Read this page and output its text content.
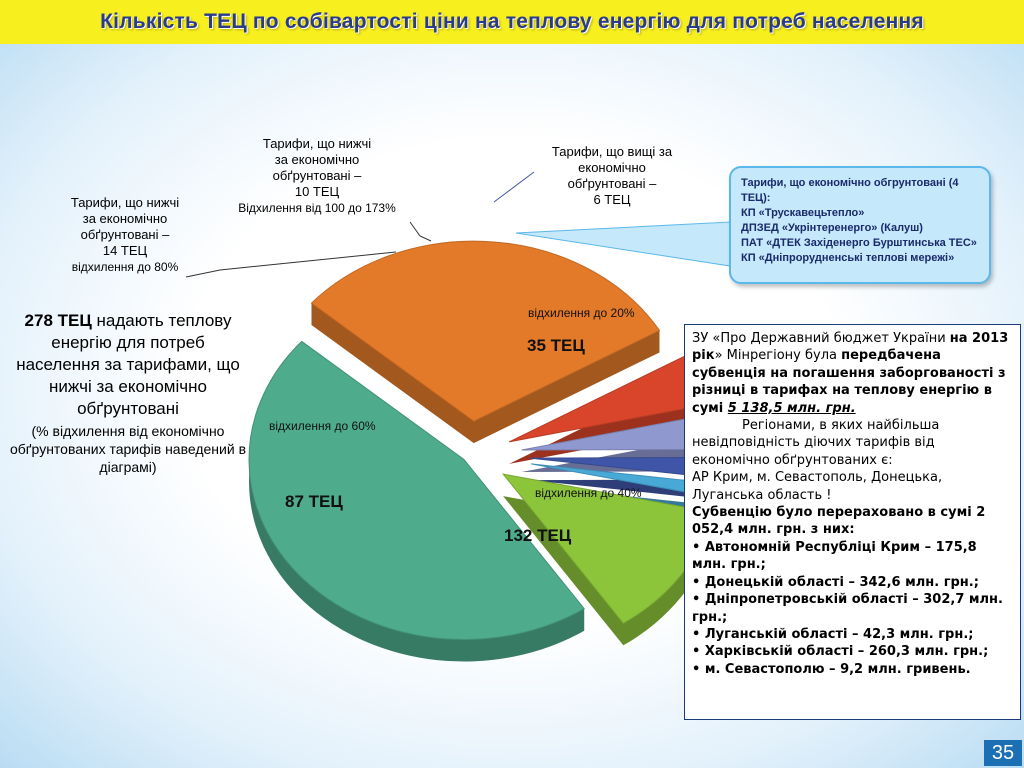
Кількість ТЕЦ по собівартості ціни на теплову енергію для потреб населення
Тарифи, що нижчі
за економічно
обґрунтовані –
10 ТЕЦ
Відхилення від 100 до 173%
Тарифи, що нижчі
за економічно
обґрунтовані –
14 ТЕЦ
відхилення до 80%
Тарифи, що вищі за
економічно
обґрунтовані –
6 ТЕЦ
відхилення до 20%
35 ТЕЦ
відхилення до 60%
87 ТЕЦ	відхилення до 40%
132 ТЕЦ
278 ТЕЦ надають теплову енергію для потреб населення за тарифами, що нижчі за економічно обґрунтовані
(% відхилення від економічно обґрунтованих тарифів наведений в діаграмі)
Тарифи, що економічно обгрунтовані (4 ТЕЦ):
КП «Трускавецьтепло»
ДПЗЕД «Укрінтеренерго» (Калуш)
ПАТ «ДТЕК Західенерго Бурштинська ТЕС»
КП «Дніпрорудненські теплові мережі»

ЗУ «Про Державний бюджет України на 2013 рік» Мінрегіону була передбачена субвенція на погашення заборгованості з різниці в тарифах на теплову енергію в сумі 5 138,5 млн. грн.

Регіонами, в яких найбільша невідповідність діючих тарифів від економічно обґрунтованих є:

АР Крим, м. Севастополь, Донецька, Луганська область !

Субвенцію було перераховано в сумі 2 052,4 млн. грн. з них:

• Автономній Республіці Крим – 175,8 млн. грн.;

• Донецькій області – 342,6 млн. грн.;

• Дніпропетровській області – 302,7 млн. грн.;

• Луганській області – 42,3 млн. грн.;

• Харківській області – 260,3 млн. грн.;

• м. Севастополю – 9,2 млн. гривень.

35
